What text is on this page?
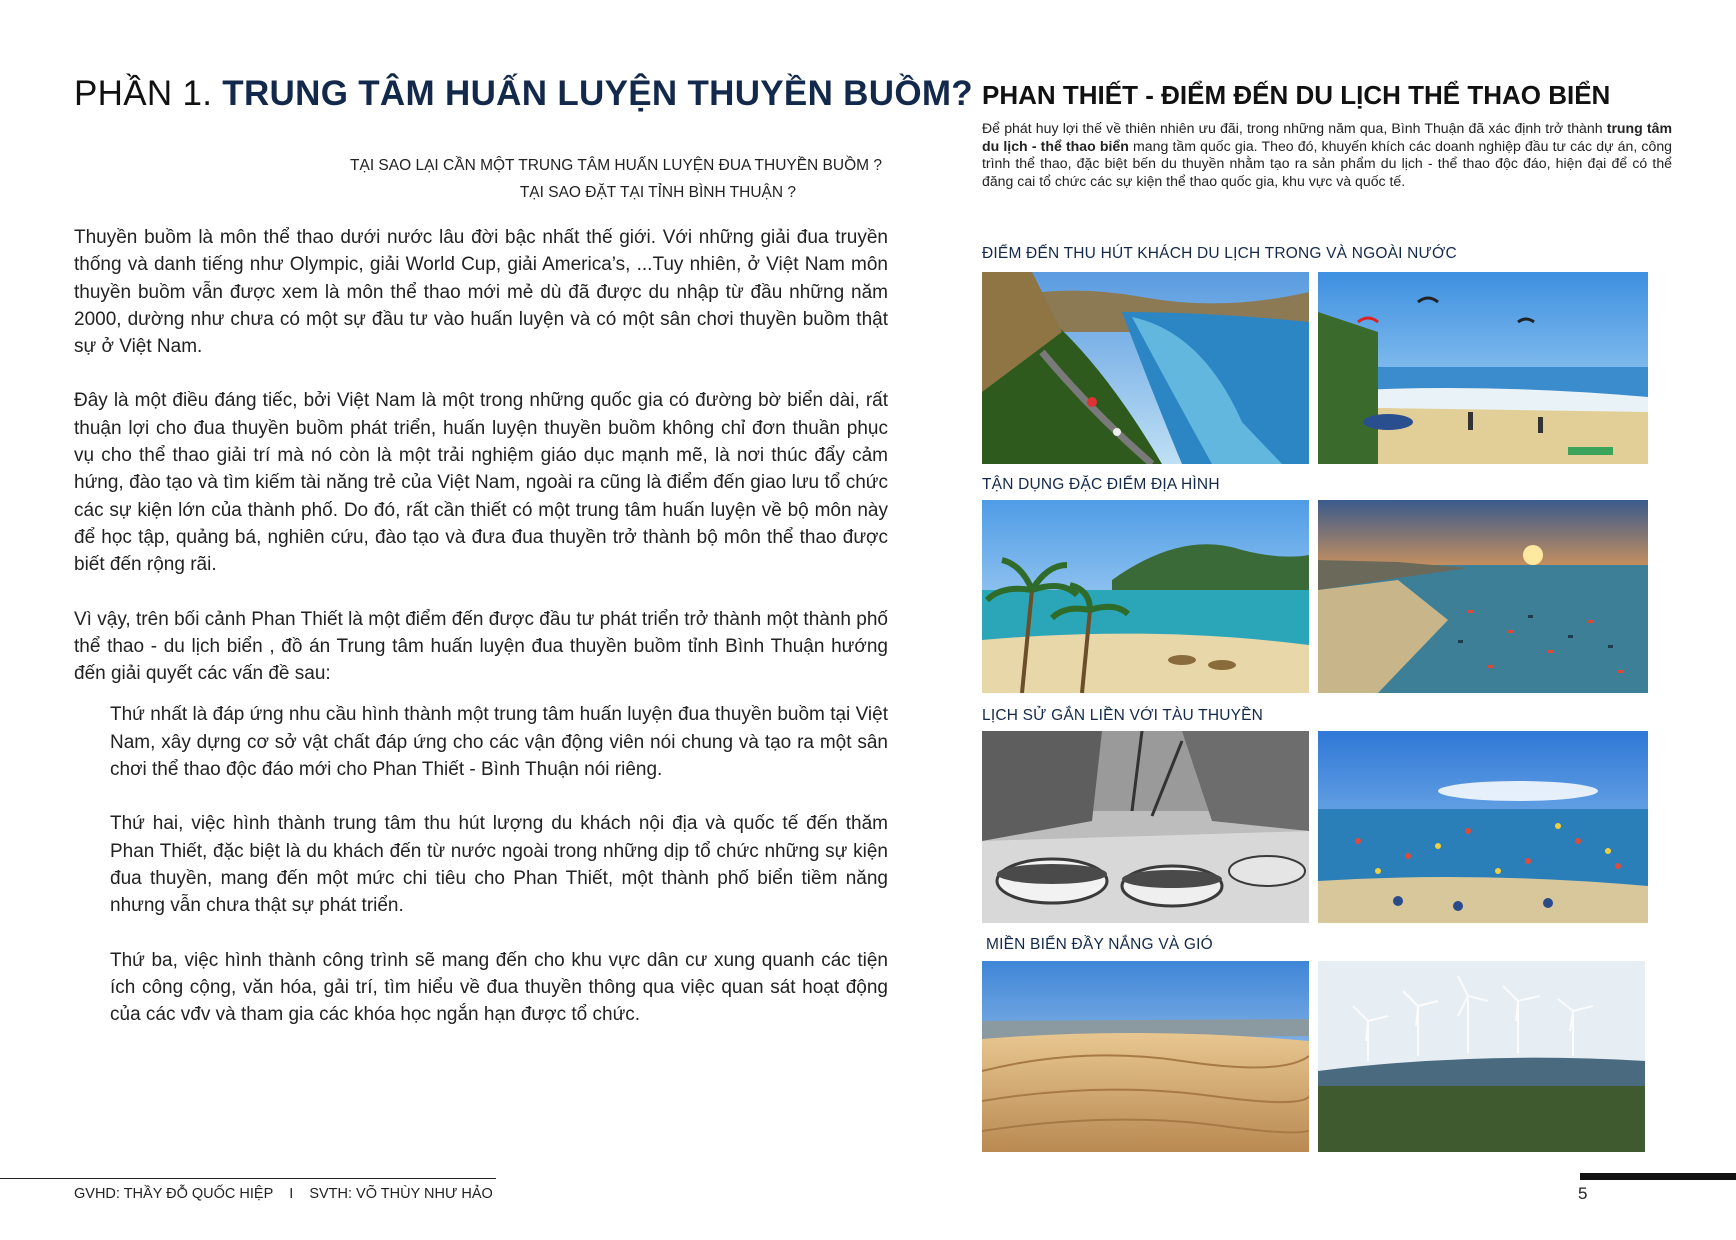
PHẦN 1. TRUNG TÂM HUẤN LUYỆN THUYỀN BUỒM?
TẠI SAO LẠI CẦN MỘT TRUNG TÂM HUẤN LUYỆN ĐUA THUYỀN BUỒM ?
TẠI SAO ĐẶT TẠI TỈNH BÌNH THUẬN ?

Thuyền buồm là môn thể thao dưới nước lâu đời bậc nhất thế giới. Với những giải đua truyền thống và danh tiếng như Olympic, giải World Cup, giải America’s, ...Tuy nhiên, ở Việt Nam môn thuyền buồm vẫn được xem là môn thể thao mới mẻ dù đã được du nhập từ đầu những năm 2000, dường như chưa có một sự đầu tư vào huấn luyện và có một sân chơi thuyền buồm thật sự ở Việt Nam.

Đây là một điều đáng tiếc, bởi Việt Nam là một trong những quốc gia có đường bờ biển dài, rất thuận lợi cho đua thuyền buồm phát triển, huấn luyện thuyền buồm không chỉ đơn thuần phục vụ cho thể thao giải trí mà nó còn là một trải nghiệm giáo dục mạnh mẽ, là nơi thúc đẩy cảm hứng, đào tạo và tìm kiếm tài năng trẻ của Việt Nam, ngoài ra cũng là điểm đến giao lưu tổ chức các sự kiện lớn của thành phố. Do đó, rất cần thiết có một trung tâm huấn luyện về bộ môn này để học tập, quảng bá, nghiên cứu, đào tạo và đưa đua thuyền trở thành bộ môn thể thao được biết đến rộng rãi.

Vì vậy, trên bối cảnh Phan Thiết là một điểm đến được đầu tư phát triển trở thành một thành phố thể thao - du lịch biển , đồ án Trung tâm huấn luyện đua thuyền buồm tỉnh Bình Thuận hướng đến giải quyết các vấn đề sau:

Thứ nhất là đáp ứng nhu cầu hình thành một trung tâm huấn luyện đua thuyền buồm tại Việt Nam, xây dựng cơ sở vật chất đáp ứng cho các vận động viên nói chung và tạo ra một sân chơi thể thao độc đáo mới cho Phan Thiết - Bình Thuận nói riêng.

Thứ hai, việc hình thành trung tâm thu hút lượng du khách nội địa và quốc tế đến thăm Phan Thiết, đặc biệt là du khách đến từ nước ngoài trong những dịp tổ chức những sự kiện đua thuyền, mang đến một mức chi tiêu cho Phan Thiết, một thành phố biển tiềm năng nhưng vẫn chưa thật sự phát triển.

Thứ ba, việc hình thành công trình sẽ mang đến cho khu vực dân cư xung quanh các tiện ích công cộng, văn hóa, gải trí, tìm hiểu về đua thuyền thông qua việc quan sát hoạt động của các vđv và tham gia các khóa học ngắn hạn được tổ chức.

PHAN THIẾT - ĐIỂM ĐẾN DU LỊCH THỂ THAO BIỂN
Để phát huy lợi thế về thiên nhiên ưu đãi, trong những năm qua, Bình Thuận đã xác định trở thành trung tâm du lịch - thể thao biển mang tầm quốc gia. Theo đó, khuyến khích các doanh nghiệp đầu tư các dự án, công trình thể thao, đặc biệt bến du thuyền nhằm tạo ra sản phẩm du lịch - thể thao độc đáo, hiện đại để có thể đăng cai tổ chức các sự kiện thể thao quốc gia, khu vực và quốc tế.
ĐIỂM ĐẾN THU HÚT KHÁCH DU LỊCH TRONG VÀ NGOÀI NƯỚC
TẬN DỤNG ĐẶC ĐIỂM ĐỊA HÌNH
LỊCH SỬ GẮN LIỀN VỚI TÀU THUYỀN
MIỀN BIỂN ĐẦY NẮNG VÀ GIÓ
GVHD: THẦY ĐỖ QUỐC HIỆP I SVTH: VÕ THÙY NHƯ HẢO	5
